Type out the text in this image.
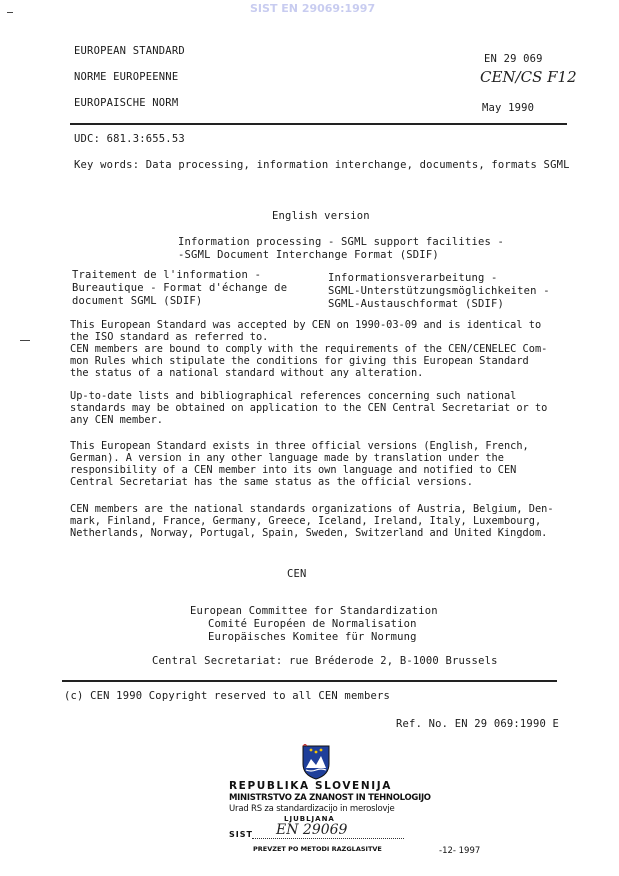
SIST EN 29069:1997
EUROPEAN STANDARD
NORME EUROPEENNE
EUROPAISCHE NORM
EN 29 069
CEN/CS F12
May 1990
UDC: 681.3:655.53
Key words: Data processing, information interchange, documents, formats SGML
English version
Information processing - SGML support facilities -
-SGML Document Interchange Format (SDIF)
Traitement de l'information -
Bureautique - Format d'échange de
document SGML (SDIF)
Informationsverarbeitung -
SGML-Unterstützungsmöglichkeiten -
SGML-Austauschformat (SDIF)
This European Standard was accepted by CEN on 1990-03-09 and is identical to
the ISO standard as referred to.
CEN members are bound to comply with the requirements of the CEN/CENELEC Com-
mon Rules which stipulate the conditions for giving this European Standard
the status of a national standard without any alteration.
Up-to-date lists and bibliographical references concerning such national
standards may be obtained on application to the CEN Central Secretariat or to
any CEN member.
This European Standard exists in three official versions (English, French,
German). A version in any other language made by translation under the
responsibility of a CEN member into its own language and notified to CEN
Central Secretariat has the same status as the official versions.
CEN members are the national standards organizations of Austria, Belgium, Den-
mark, Finland, France, Germany, Greece, Iceland, Ireland, Italy, Luxembourg,
Netherlands, Norway, Portugal, Spain, Sweden, Switzerland and United Kingdom.
CEN
European Committee for Standardization
Comité Européen de Normalisation
Europäisches Komitee für Normung
Central Secretariat: rue Bréderode 2, B-1000 Brussels
(c) CEN 1990 Copyright reserved to all CEN members
Ref. No. EN 29 069:1990 E
REPUBLIKA SLOVENIJA
MINISTRSTVO ZA ZNANOST IN TEHNOLOGIJO
Urad RS za standardizacijo in meroslovje
LJUBLJANA
SIST EN 29069
PREVZET PO METODI RAZGLASITVE	-12- 1997
